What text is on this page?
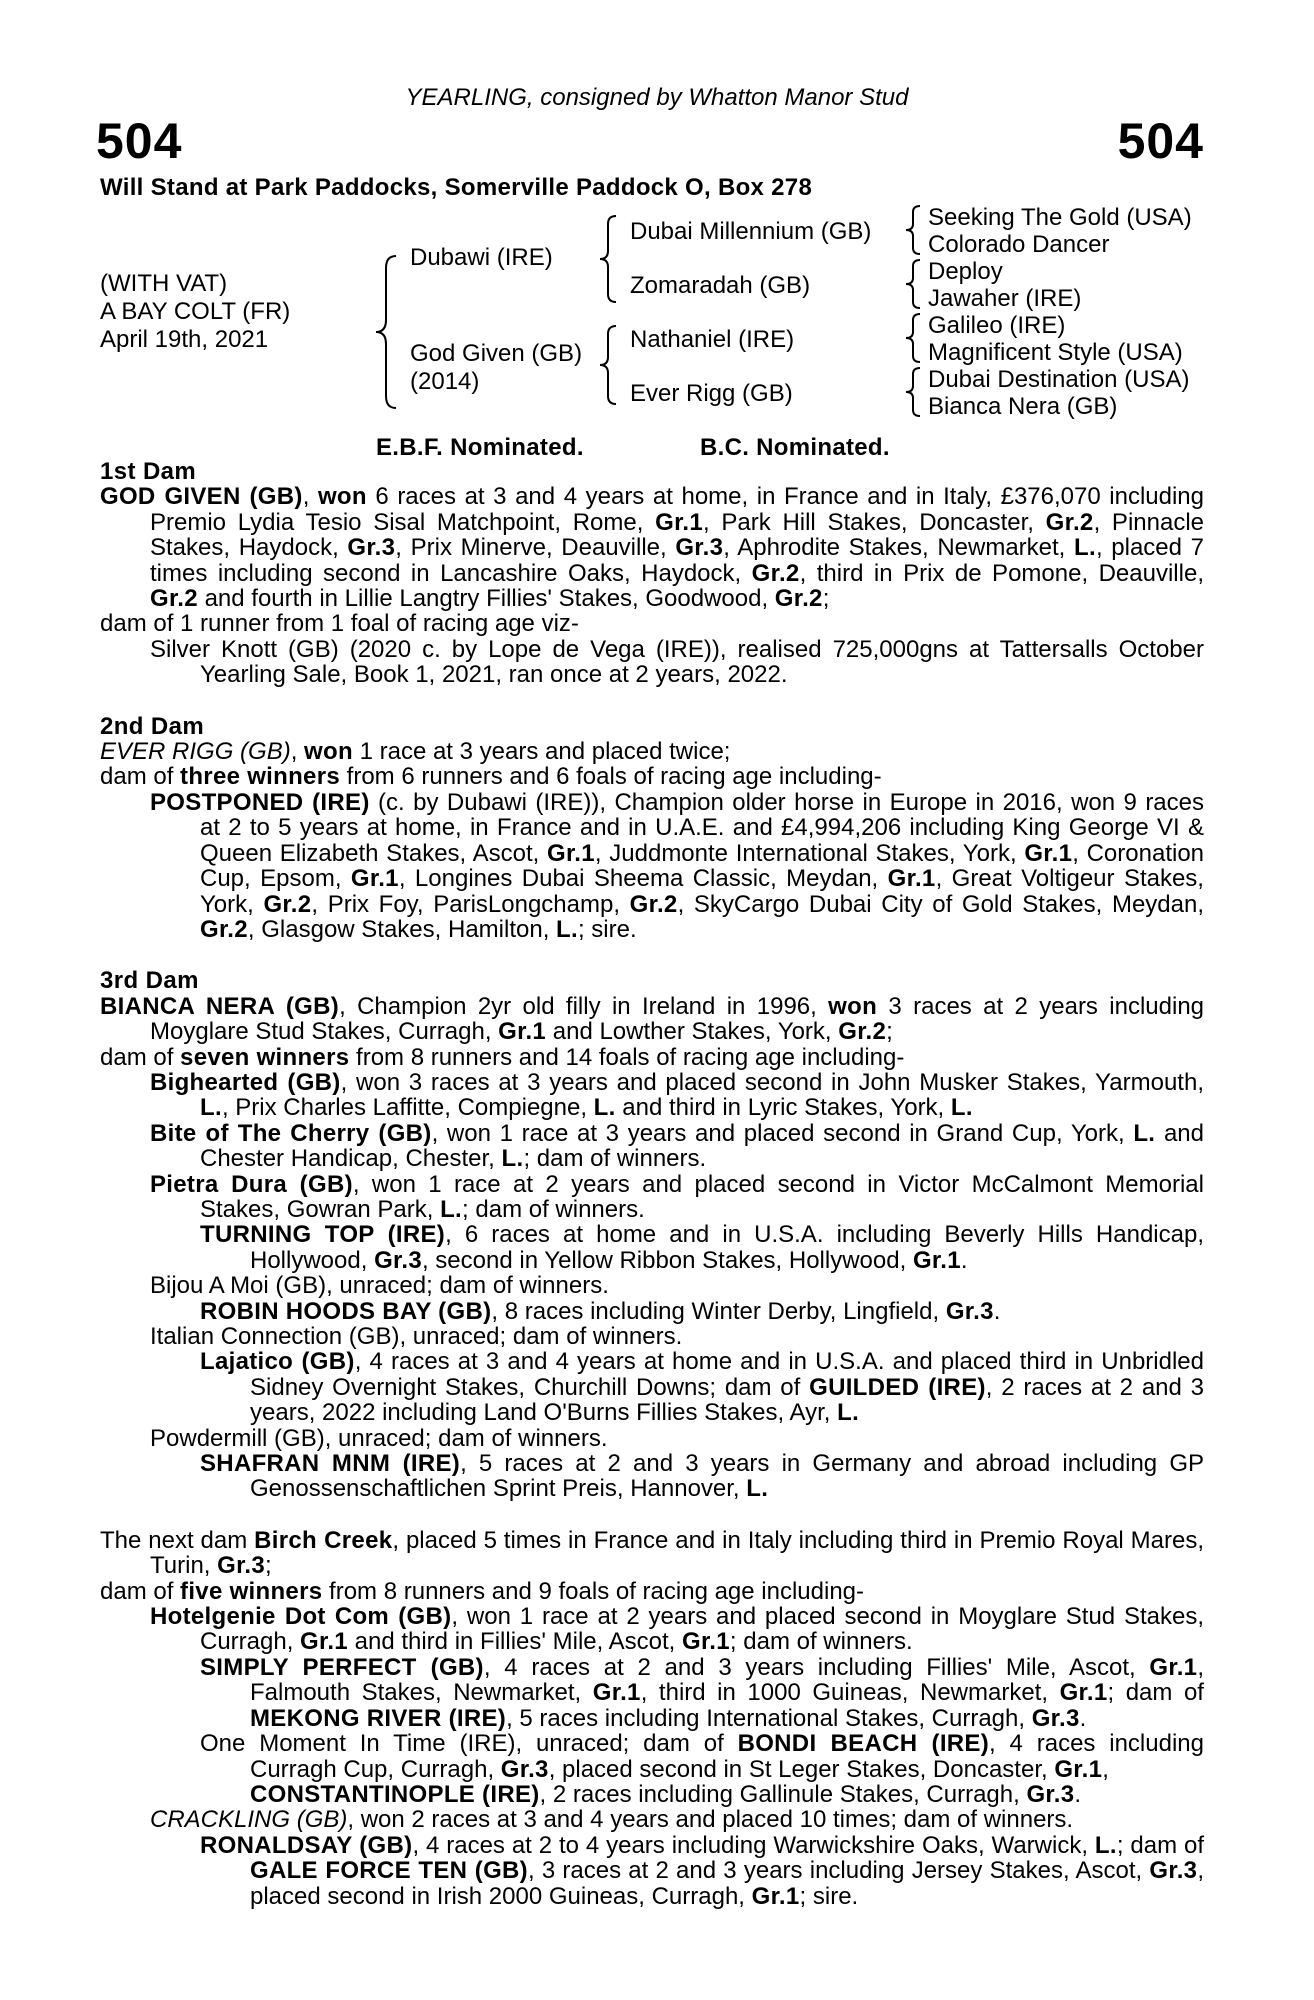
YEARLING, consigned by Whatton Manor Stud
504	504
Will Stand at Park Paddocks, Somerville Paddock O, Box 278
(WITH VAT)
A BAY COLT (FR)
April 19th, 2021
Dubawi (IRE)
God Given (GB)
(2014)
Dubai Millennium (GB)
Zomaradah (GB)
Nathaniel (IRE)
Ever Rigg (GB)
Seeking The Gold (USA)
Colorado Dancer
Deploy
Jawaher (IRE)
Galileo (IRE)
Magnificent Style (USA)
Dubai Destination (USA)
Bianca Nera (GB)
E.B.F. Nominated.	B.C. Nominated.
1st Dam

GOD GIVEN (GB), won 6 races at 3 and 4 years at home, in France and in Italy, £376,070 including Premio Lydia Tesio Sisal Matchpoint, Rome, Gr.1, Park Hill Stakes, Doncaster, Gr.2, Pinnacle Stakes, Haydock, Gr.3, Prix Minerve, Deauville, Gr.3, Aphrodite Stakes, Newmarket, L., placed 7 times including second in Lancashire Oaks, Haydock, Gr.2, third in Prix de Pomone, Deauville, Gr.2 and fourth in Lillie Langtry Fillies' Stakes, Goodwood, Gr.2;

dam of 1 runner from 1 foal of racing age viz-

Silver Knott (GB) (2020 c. by Lope de Vega (IRE)), realised 725,000gns at Tattersalls October Yearling Sale, Book 1, 2021, ran once at 2 years, 2022.

2nd Dam
EVER RIGG (GB), won 1 race at 3 years and placed twice;
dam of three winners from 6 runners and 6 foals of racing age including-

POSTPONED (IRE) (c. by Dubawi (IRE)), Champion older horse in Europe in 2016, won 9 races at 2 to 5 years at home, in France and in U.A.E. and £4,994,206 including King George VI & Queen Elizabeth Stakes, Ascot, Gr.1, Juddmonte International Stakes, York, Gr.1, Coronation Cup, Epsom, Gr.1, Longines Dubai Sheema Classic, Meydan, Gr.1, Great Voltigeur Stakes, York, Gr.2, Prix Foy, ParisLongchamp, Gr.2, SkyCargo Dubai City of Gold Stakes, Meydan, Gr.2, Glasgow Stakes, Hamilton, L.; sire.

3rd Dam

BIANCA NERA (GB), Champion 2yr old filly in Ireland in 1996, won 3 races at 2 years including Moyglare Stud Stakes, Curragh, Gr.1 and Lowther Stakes, York, Gr.2;

dam of seven winners from 8 runners and 14 foals of racing age including-

Bighearted (GB), won 3 races at 3 years and placed second in John Musker Stakes, Yarmouth, L., Prix Charles Laffitte, Compiegne, L. and third in Lyric Stakes, York, L.

Bite of The Cherry (GB), won 1 race at 3 years and placed second in Grand Cup, York, L. and Chester Handicap, Chester, L.; dam of winners.

Pietra Dura (GB), won 1 race at 2 years and placed second in Victor McCalmont Memorial Stakes, Gowran Park, L.; dam of winners.

TURNING TOP (IRE), 6 races at home and in U.S.A. including Beverly Hills Handicap, Hollywood, Gr.3, second in Yellow Ribbon Stakes, Hollywood, Gr.1.

Bijou A Moi (GB), unraced; dam of winners.

ROBIN HOODS BAY (GB), 8 races including Winter Derby, Lingfield, Gr.3.

Italian Connection (GB), unraced; dam of winners.

Lajatico (GB), 4 races at 3 and 4 years at home and in U.S.A. and placed third in Unbridled Sidney Overnight Stakes, Churchill Downs; dam of GUILDED (IRE), 2 races at 2 and 3 years, 2022 including Land O'Burns Fillies Stakes, Ayr, L.

Powdermill (GB), unraced; dam of winners.

SHAFRAN MNM (IRE), 5 races at 2 and 3 years in Germany and abroad including GP Genossenschaftlichen Sprint Preis, Hannover, L.

The next dam Birch Creek, placed 5 times in France and in Italy including third in Premio Royal Mares, Turin, Gr.3;

dam of five winners from 8 runners and 9 foals of racing age including-

Hotelgenie Dot Com (GB), won 1 race at 2 years and placed second in Moyglare Stud Stakes, Curragh, Gr.1 and third in Fillies' Mile, Ascot, Gr.1; dam of winners.

SIMPLY PERFECT (GB), 4 races at 2 and 3 years including Fillies' Mile, Ascot, Gr.1, Falmouth Stakes, Newmarket, Gr.1, third in 1000 Guineas, Newmarket, Gr.1; dam of MEKONG RIVER (IRE), 5 races including International Stakes, Curragh, Gr.3.

One Moment In Time (IRE), unraced; dam of BONDI BEACH (IRE), 4 races including Curragh Cup, Curragh, Gr.3, placed second in St Leger Stakes, Doncaster, Gr.1,

CONSTANTINOPLE (IRE), 2 races including Gallinule Stakes, Curragh, Gr.3.

CRACKLING (GB), won 2 races at 3 and 4 years and placed 10 times; dam of winners.

RONALDSAY (GB), 4 races at 2 to 4 years including Warwickshire Oaks, Warwick, L.; dam of GALE FORCE TEN (GB), 3 races at 2 and 3 years including Jersey Stakes, Ascot, Gr.3, placed second in Irish 2000 Guineas, Curragh, Gr.1; sire.
